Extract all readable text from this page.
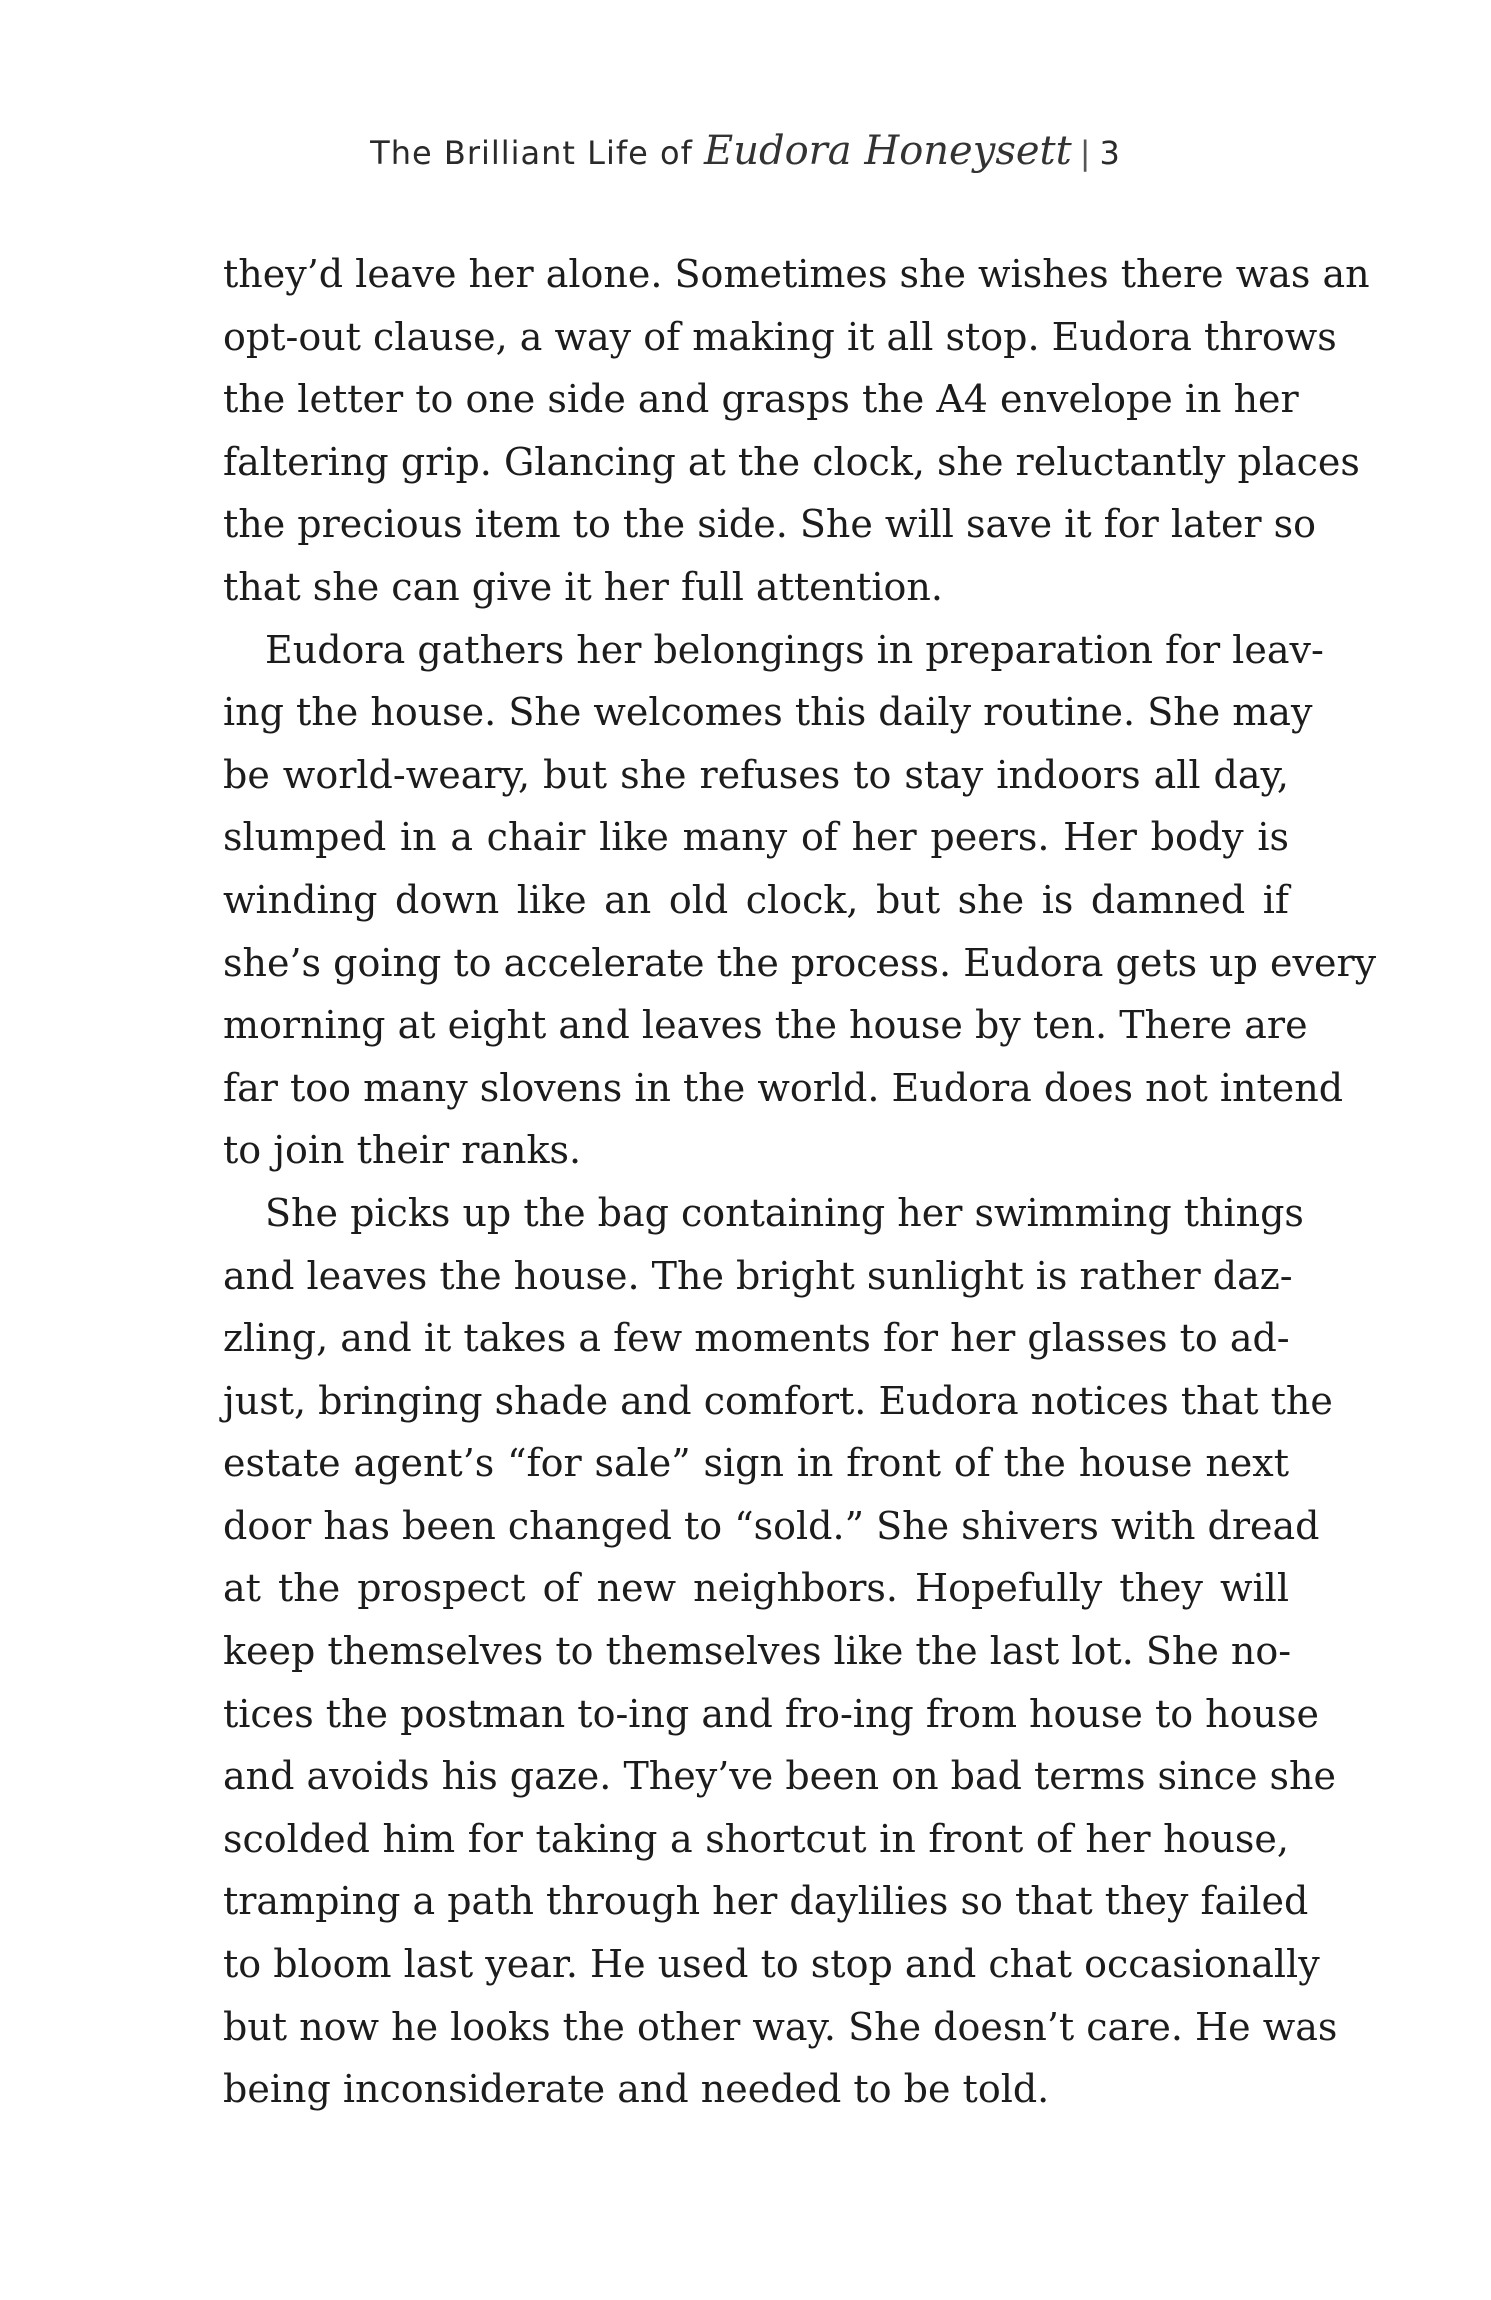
The Brilliant Life of Eudora Honeysett | 3
they’d leave her alone. Sometimes she wishes there was an
opt-out clause, a way of making it all stop. Eudora throws
the letter to one side and grasps the A4 envelope in her
faltering grip. Glancing at the clock, she reluctantly places
the precious item to the side. She will save it for later so
that she can give it her full attention.
Eudora gathers her belongings in preparation for leav-
ing the house. She welcomes this daily routine. She may
be world-weary, but she refuses to stay indoors all day,
slumped in a chair like many of her peers. Her body is
winding down like an old clock, but she is damned if
she’s going to accelerate the process. Eudora gets up every
morning at eight and leaves the house by ten. There are
far too many slovens in the world. Eudora does not intend
to join their ranks.
She picks up the bag containing her swimming things
and leaves the house. The bright sunlight is rather daz-
zling, and it takes a few moments for her glasses to ad-
just, bringing shade and comfort. Eudora notices that the
estate agent’s “for sale” sign in front of the house next
door has been changed to “sold.” She shivers with dread
at the prospect of new neighbors. Hopefully they will
keep themselves to themselves like the last lot. She no-
tices the postman to-ing and fro-ing from house to house
and avoids his gaze. They’ve been on bad terms since she
scolded him for taking a shortcut in front of her house,
tramping a path through her daylilies so that they failed
to bloom last year. He used to stop and chat occasionally
but now he looks the other way. She doesn’t care. He was
being inconsiderate and needed to be told.
